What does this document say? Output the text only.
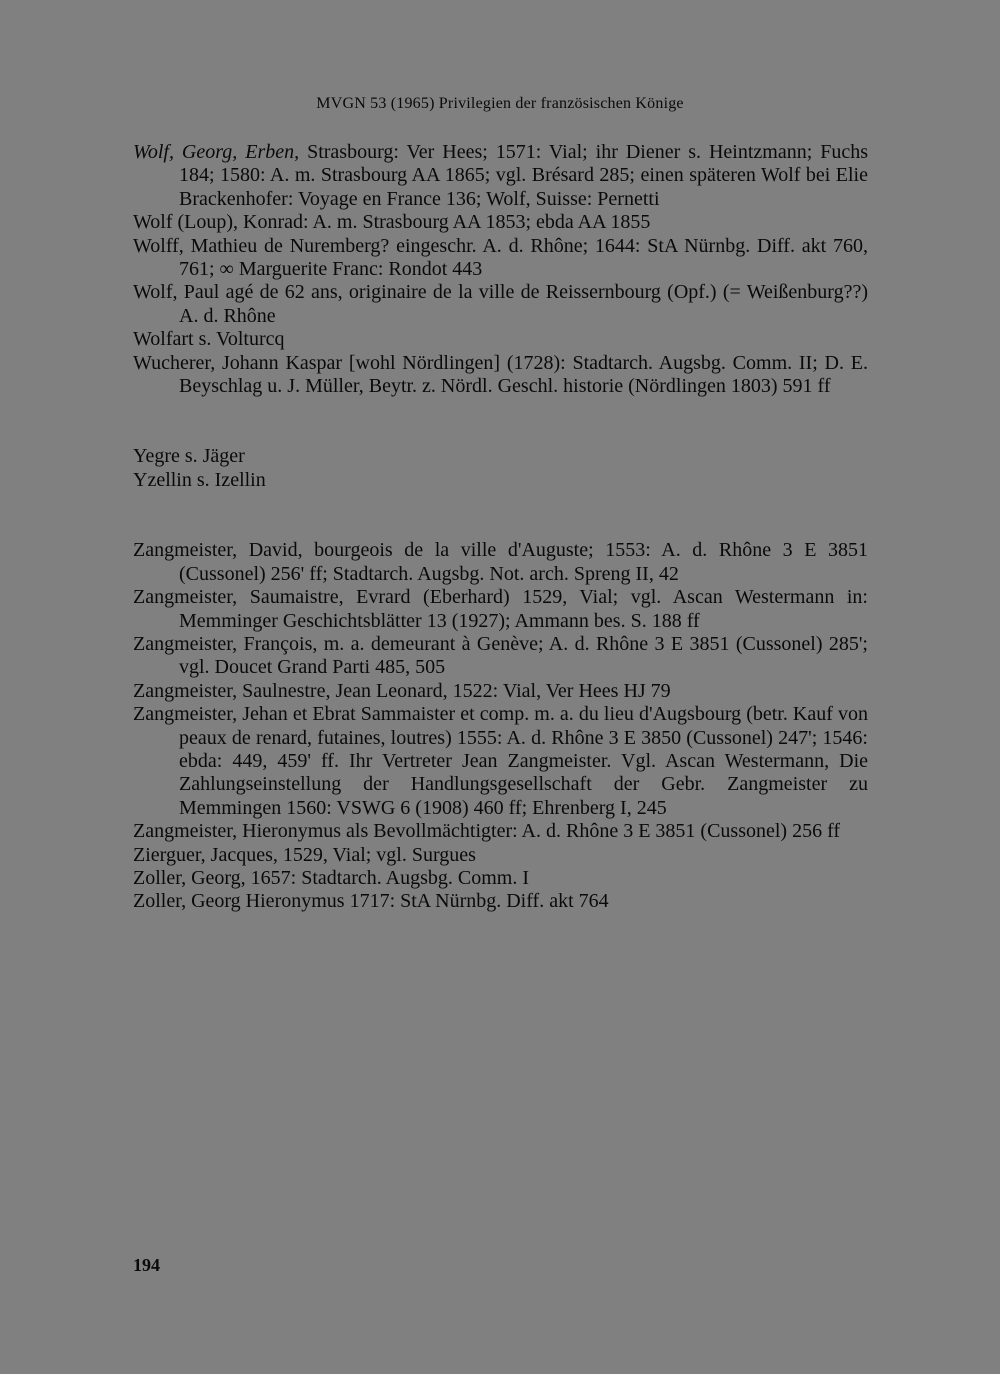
MVGN 53 (1965) Privilegien der französischen Könige
Wolf, Georg, Erben, Strasbourg: Ver Hees; 1571: Vial; ihr Diener s. Heintzmann; Fuchs 184; 1580: A. m. Strasbourg AA 1865; vgl. Brésard 285; einen späteren Wolf bei Elie Brackenhofer: Voyage en France 136; Wolf, Suisse: Pernetti
Wolf (Loup), Konrad: A. m. Strasbourg AA 1853; ebda AA 1855
Wolff, Mathieu de Nuremberg? eingeschr. A. d. Rhône; 1644: StA Nürnbg. Diff. akt 760, 761; ∞ Marguerite Franc: Rondot 443
Wolf, Paul agé de 62 ans, originaire de la ville de Reissernbourg (Opf.) (= Weißenburg??) A. d. Rhône
Wolfart s. Volturcq
Wucherer, Johann Kaspar [wohl Nördlingen] (1728): Stadtarch. Augsbg. Comm. II; D. E. Beyschlag u. J. Müller, Beytr. z. Nördl. Geschl. historie (Nördlingen 1803) 591 ff
Yegre s. Jäger
Yzellin s. Izellin
Zangmeister, David, bourgeois de la ville d'Auguste; 1553: A. d. Rhône 3 E 3851 (Cussonel) 256' ff; Stadtarch. Augsbg. Not. arch. Spreng II, 42
Zangmeister, Saumaistre, Evrard (Eberhard) 1529, Vial; vgl. Ascan Westermann in: Memminger Geschichtsblätter 13 (1927); Ammann bes. S. 188 ff
Zangmeister, François, m. a. demeurant à Genève; A. d. Rhône 3 E 3851 (Cussonel) 285'; vgl. Doucet Grand Parti 485, 505
Zangmeister, Saulnestre, Jean Leonard, 1522: Vial, Ver Hees HJ 79
Zangmeister, Jehan et Ebrat Sammaister et comp. m. a. du lieu d'Augsbourg (betr. Kauf von peaux de renard, futaines, loutres) 1555: A. d. Rhône 3 E 3850 (Cussonel) 247'; 1546: ebda: 449, 459' ff. Ihr Vertreter Jean Zangmeister. Vgl. Ascan Westermann, Die Zahlungseinstellung der Handlungsgesellschaft der Gebr. Zangmeister zu Memmingen 1560: VSWG 6 (1908) 460 ff; Ehrenberg I, 245
Zangmeister, Hieronymus als Bevollmächtigter: A. d. Rhône 3 E 3851 (Cussonel) 256 ff
Zierguer, Jacques, 1529, Vial; vgl. Surgues
Zoller, Georg, 1657: Stadtarch. Augsbg. Comm. I
Zoller, Georg Hieronymus 1717: StA Nürnbg. Diff. akt 764
194
